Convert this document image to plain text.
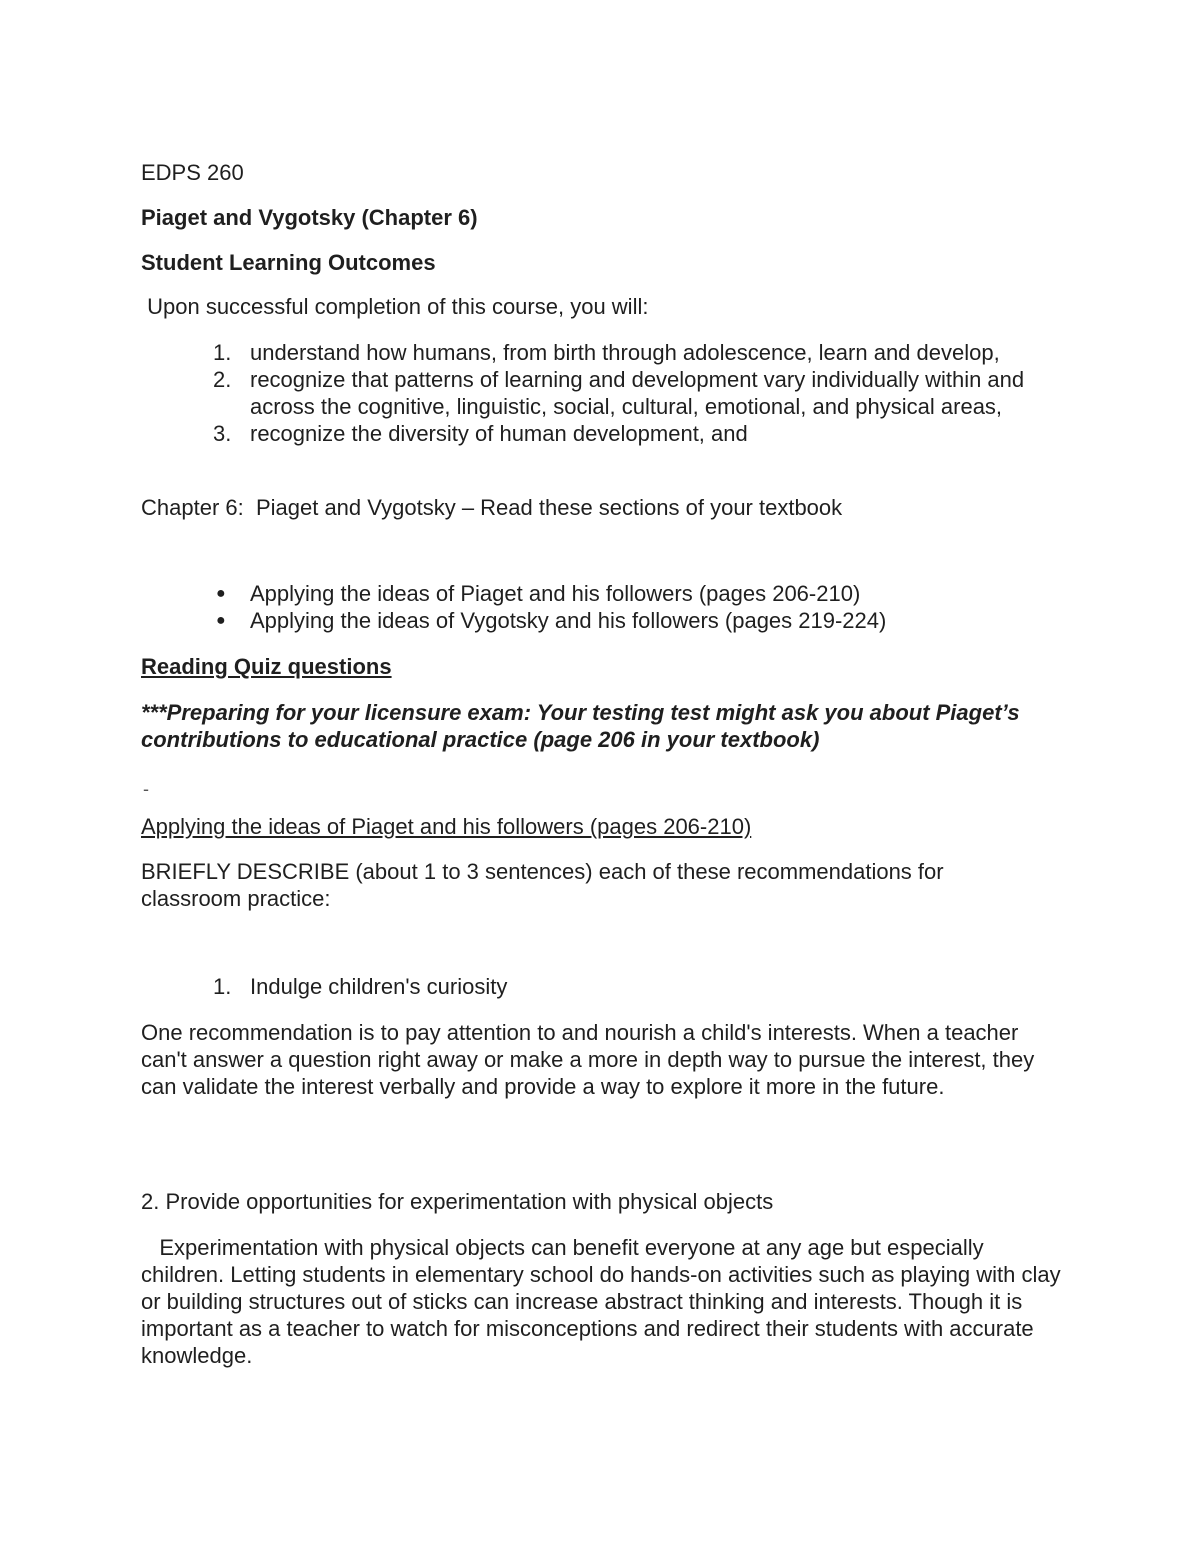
EDPS 260

Piaget and Vygotsky (Chapter 6)

Student Learning Outcomes

Upon successful completion of this course, you will:

1. understand how humans, from birth through adolescence, learn and develop,
2. recognize that patterns of learning and development vary individually within and across the cognitive, linguistic, social, cultural, emotional, and physical areas,
3. recognize the diversity of human development, and

Chapter 6:  Piaget and Vygotsky – Read these sections of your textbook

● Applying the ideas of Piaget and his followers (pages 206-210)
● Applying the ideas of Vygotsky and his followers (pages 219-224)

Reading Quiz questions

***Preparing for your licensure exam: Your testing test might ask you about Piaget’s contributions to educational practice (page 206 in your textbook)

-

Applying the ideas of Piaget and his followers (pages 206-210)

BRIEFLY DESCRIBE (about 1 to 3 sentences) each of these recommendations for classroom practice:

1. Indulge children's curiosity

One recommendation is to pay attention to and nourish a child's interests. When a teacher can't answer a question right away or make a more in depth way to pursue the interest, they can validate the interest verbally and provide a way to explore it more in the future.

2. Provide opportunities for experimentation with physical objects

Experimentation with physical objects can benefit everyone at any age but especially children. Letting students in elementary school do hands-on activities such as playing with clay or building structures out of sticks can increase abstract thinking and interests. Though it is important as a teacher to watch for misconceptions and redirect their students with accurate knowledge.
